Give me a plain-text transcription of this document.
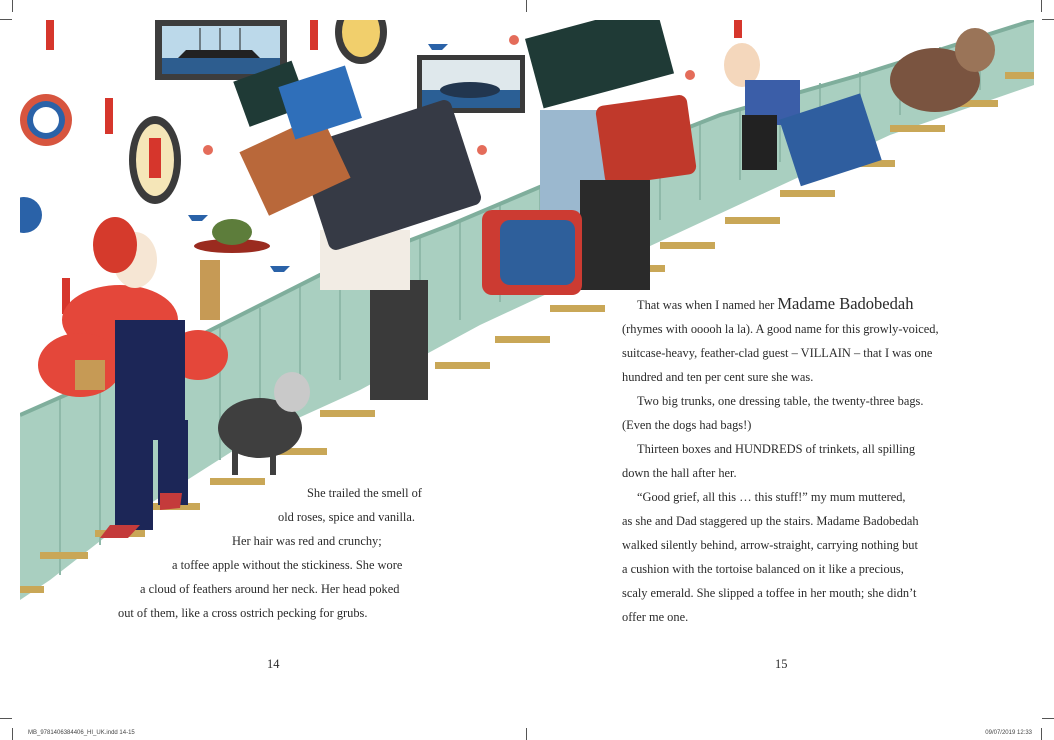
She trailed the smell of
old roses, spice and vanilla.
Her hair was red and crunchy;
a toffee apple without the stickiness. She wore
a cloud of feathers around her neck. Her head poked
out of them, like a cross ostrich pecking for grubs.
14
That was when I named her Madame Badobedah
(rhymes with ooooh la la). A good name for this growly-voiced,
suitcase-heavy, feather-clad guest – VILLAIN – that I was one
hundred and ten per cent sure she was.
Two big trunks, one dressing table, the twenty-three bags.
(Even the dogs had bags!)
Thirteen boxes and HUNDREDS of trinkets, all spilling
down the hall after her.
“Good grief, all this … this stuff!” my mum muttered,
as she and Dad staggered up the stairs. Madame Badobedah
walked silently behind, arrow-straight, carrying nothing but
a cushion with the tortoise balanced on it like a precious,
scaly emerald. She slipped a toffee in her mouth; she didn’t
offer me one.
15
MB_9781406384406_HI_UK.indd 14-15	09/07/2019 12:33
